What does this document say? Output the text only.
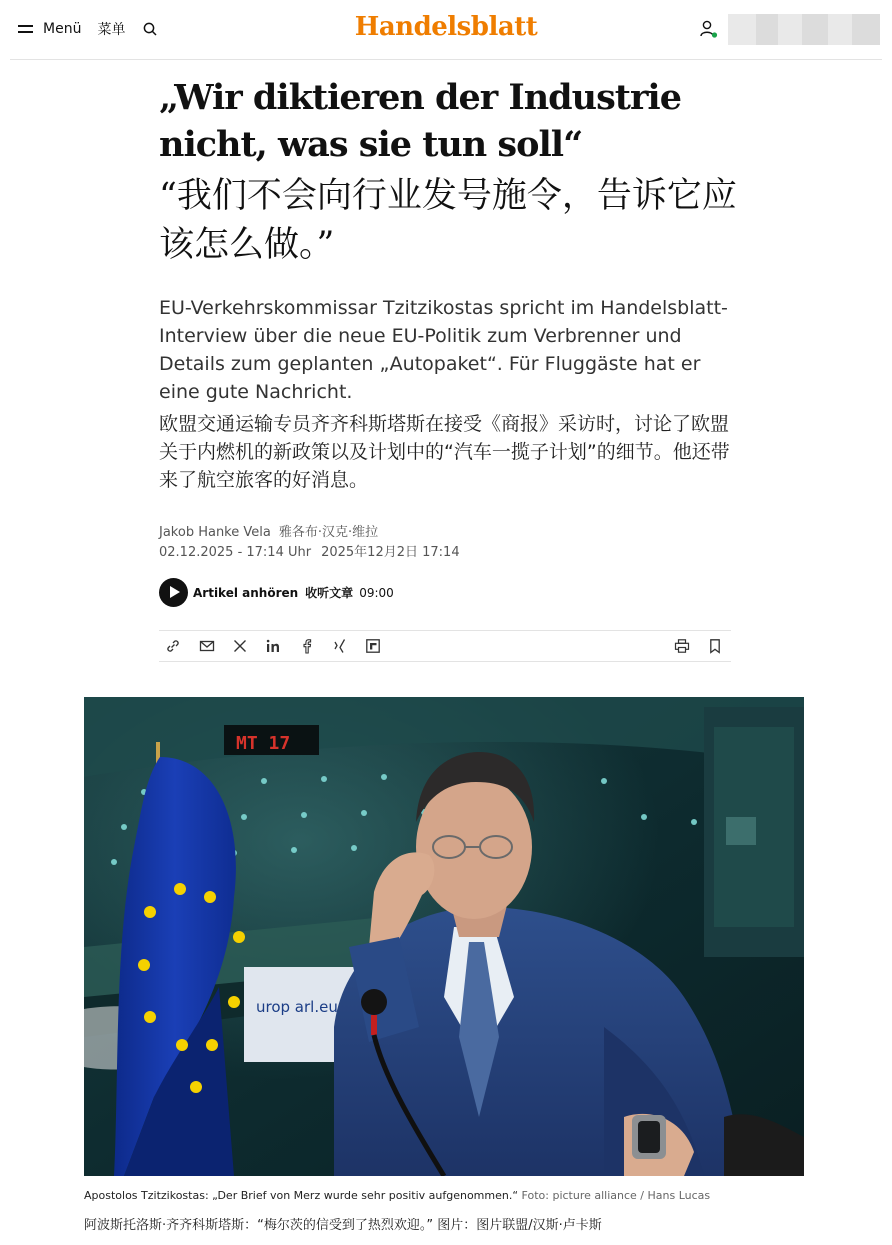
Menü 菜单	Handelsblatt
„Wir diktieren der Industrie nicht, was sie tun soll“
“我们不会向行业发号施令，告诉它应该怎么做。”

EU-Verkehrskommissar Tzitzikostas spricht im Handelsblatt-Interview über die neue EU-Politik zum Verbrenner und Details zum geplanten „Autopaket“. Für Fluggäste hat er eine gute Nachricht.

欧盟交通运输专员齐齐科斯塔斯在接受《商报》采访时，讨论了欧盟关于内燃机的新政策以及计划中的“汽车一揽子计划”的细节。他还带来了航空旅客的好消息。

Jakob Hanke Vela 雅各布·汉克·维拉
02.12.2025 - 17:14 Uhr 2025年12月2日 17:14
Artikel anhören 收听文章 09:00
MT 17
urop arl.eu
Apostolos Tzitzikostas: „Der Brief von Merz wurde sehr positiv aufgenommen.“ Foto: picture alliance / Hans Lucas
阿波斯托洛斯·齐齐科斯塔斯：“梅尔茨的信受到了热烈欢迎。” 图片：图片联盟/汉斯·卢卡斯
